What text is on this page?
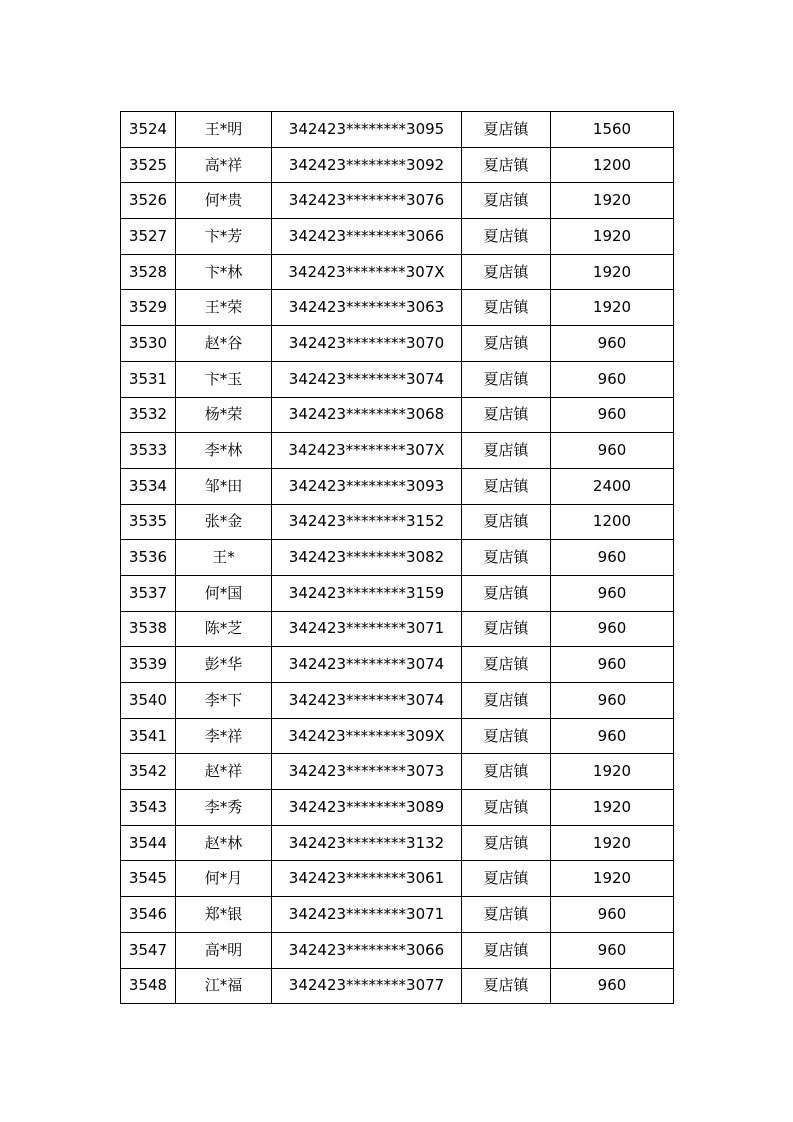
3524	王*明	342423********3095	夏店镇	1560
3525	高*祥	342423********3092	夏店镇	1200
3526	何*贵	342423********3076	夏店镇	1920
3527	卞*芳	342423********3066	夏店镇	1920
3528	卞*林	342423********307X	夏店镇	1920
3529	王*荣	342423********3063	夏店镇	1920
3530	赵*谷	342423********3070	夏店镇	960
3531	卞*玉	342423********3074	夏店镇	960
3532	杨*荣	342423********3068	夏店镇	960
3533	李*林	342423********307X	夏店镇	960
3534	邹*田	342423********3093	夏店镇	2400
3535	张*金	342423********3152	夏店镇	1200
3536	王*	342423********3082	夏店镇	960
3537	何*国	342423********3159	夏店镇	960
3538	陈*芝	342423********3071	夏店镇	960
3539	彭*华	342423********3074	夏店镇	960
3540	李*下	342423********3074	夏店镇	960
3541	李*祥	342423********309X	夏店镇	960
3542	赵*祥	342423********3073	夏店镇	1920
3543	李*秀	342423********3089	夏店镇	1920
3544	赵*林	342423********3132	夏店镇	1920
3545	何*月	342423********3061	夏店镇	1920
3546	郑*银	342423********3071	夏店镇	960
3547	高*明	342423********3066	夏店镇	960
3548	江*福	342423********3077	夏店镇	960
